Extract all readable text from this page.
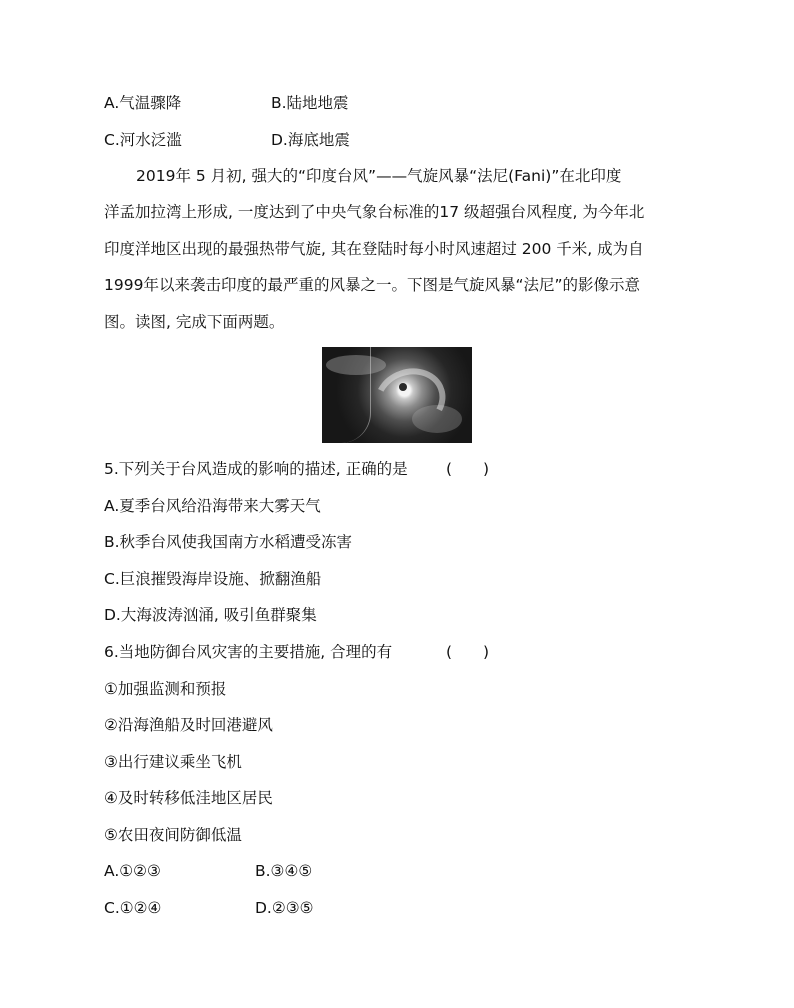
A.气温骤降	B.陆地地震
C.河水泛滥	D.海底地震
2019年 5 月初, 强大的“印度台风”——气旋风暴“法尼(Fani)”在北印度
洋孟加拉湾上形成, 一度达到了中央气象台标准的17 级超强台风程度, 为今年北
印度洋地区出现的最强热带气旋, 其在登陆时每小时风速超过 200 千米, 成为自
1999年以来袭击印度的最严重的风暴之一。下图是气旋风暴“法尼”的影像示意
图。读图, 完成下面两题。
5.下列关于台风造成的影响的描述, 正确的是 (　　)
A.夏季台风给沿海带来大雾天气
B.秋季台风使我国南方水稻遭受冻害
C.巨浪摧毁海岸设施、掀翻渔船
D.大海波涛汹涌, 吸引鱼群聚集
6.当地防御台风灾害的主要措施, 合理的有	(　　)
①加强监测和预报
②沿海渔船及时回港避风
③出行建议乘坐飞机
④及时转移低洼地区居民
⑤农田夜间防御低温
A.①②③	B.③④⑤
C.①②④	D.②③⑤
